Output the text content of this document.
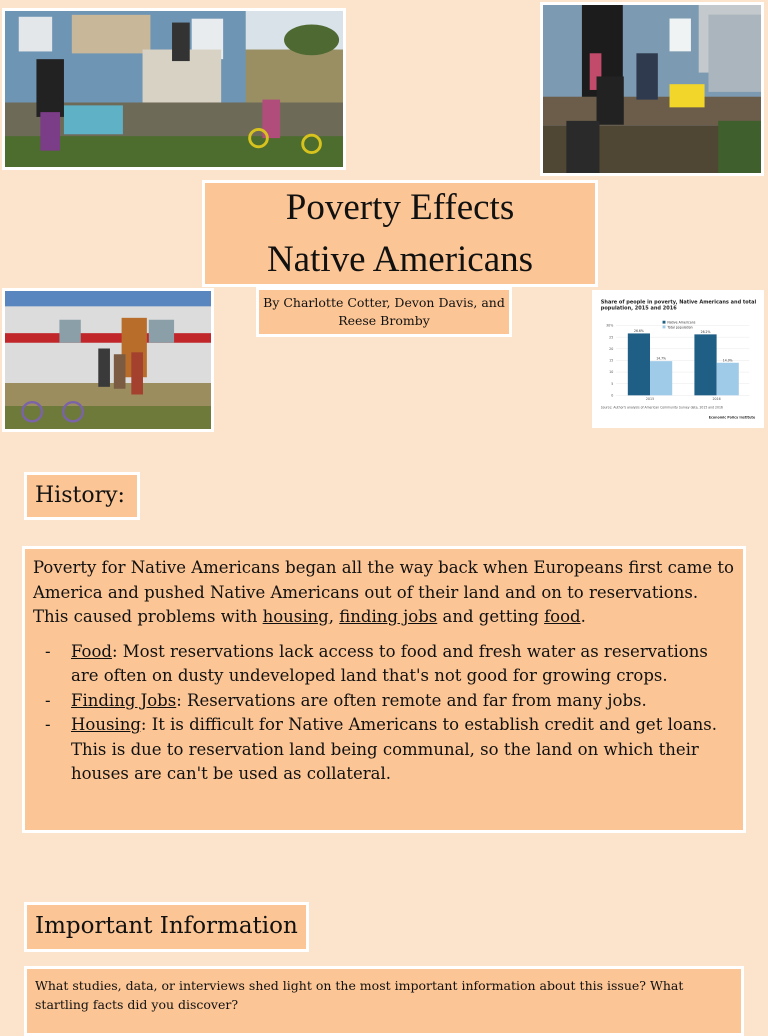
Poverty Effects
Native Americans
By Charlotte Cotter, Devon Davis, and
Reese Bromby
Share of people in poverty, Native Americans and total population, 2015 and 2016
30%
25
20
15
10
5
0
26.6%
14.7%
2015
26.2%
14.0%
2016
Native Americans
Total population
Source: Author's analysis of American Community Survey data, 2015 and 2016
Economic Policy Institute
History:

Poverty for Native Americans began all the way back when Europeans first came to America and pushed Native Americans out of their land and on to reservations. This caused problems with housing, finding jobs and getting food.

- Food: Most reservations lack access to food and fresh water as reservations are often on dusty undeveloped land that's not good for growing crops.
- Finding Jobs: Reservations are often remote and far from many jobs.
- Housing: It is difficult for Native Americans to establish credit and get loans. This is due to reservation land being communal, so the land on which their houses are can't be used as collateral.
Important Information
What studies, data, or interviews shed light on the most important information about this issue? What startling facts did you discover?
